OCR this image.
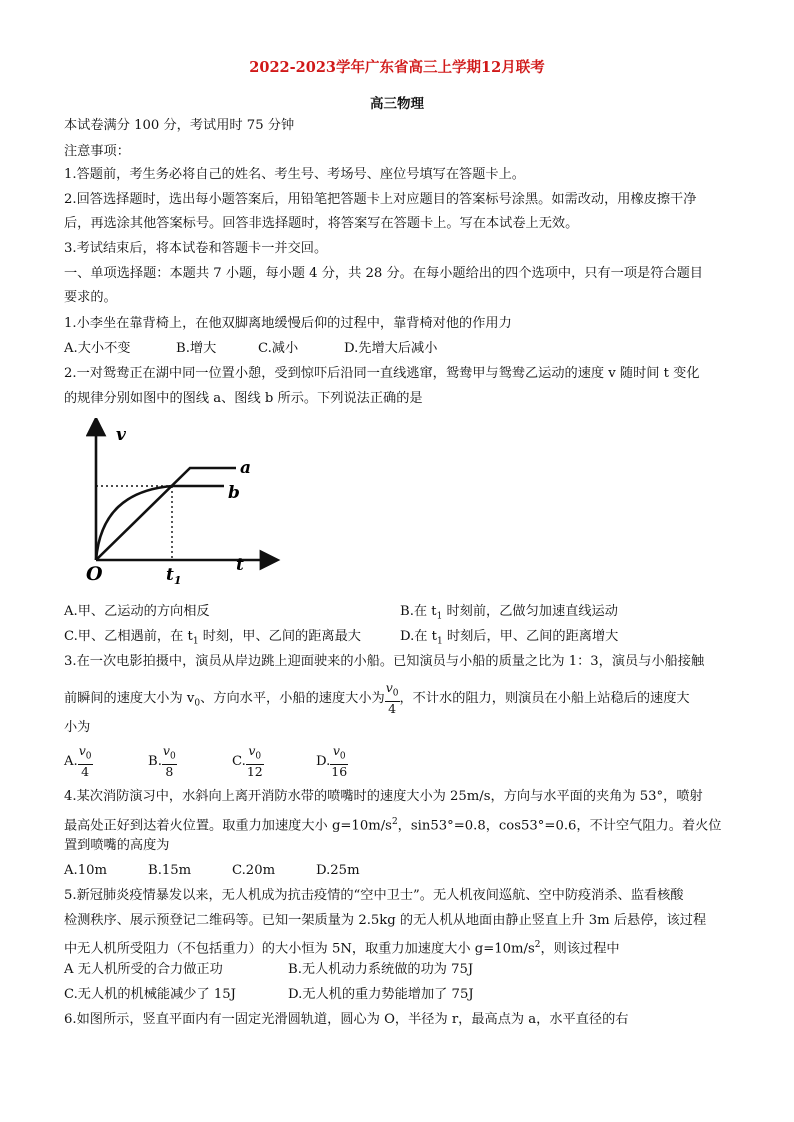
2022-2023学年广东省高三上学期12月联考
高三物理
本试卷满分 100 分，考试用时 75 分钟
注意事项：
1.答题前，考生务必将自己的姓名、考生号、考场号、座位号填写在答题卡上。
2.回答选择题时，选出每小题答案后，用铅笔把答题卡上对应题目的答案标号涂黑。如需改动，用橡皮擦干净
后，再选涂其他答案标号。回答非选择题时，将答案写在答题卡上。写在本试卷上无效。
3.考试结束后，将本试卷和答题卡一并交回。
一、单项选择题：本题共 7 小题，每小题 4 分，共 28 分。在每小题给出的四个选项中，只有一项是符合题目
要求的。
1.小李坐在靠背椅上，在他双脚离地缓慢后仰的过程中，靠背椅对他的作用力
A.大小不变	B.增大	C.减小	D.先增大后减小
2.一对鸳鸯正在湖中同一位置小憩，受到惊吓后沿同一直线逃窜，鸳鸯甲与鸳鸯乙运动的速度 v 随时间 t 变化
的规律分别如图中的图线 a、图线 b 所示。下列说法正确的是
v
t
O	$t_1$
a
b
A.甲、乙运动的方向相反	B.在 $t_1$ 时刻前，乙做匀加速直线运动
C.甲、乙相遇前，在 $t_1$ 时刻，甲、乙间的距离最大	D.在 $t_1$ 时刻后，甲、乙间的距离增大
3.在一次电影拍摄中，演员从岸边跳上迎面驶来的小船。已知演员与小船的质量之比为 1：3，演员与小船接触
前瞬间的速度大小为 $v_0$、方向水平，小船的速度大小为 $\frac{v_0}{4}$ ，不计水的阻力，则演员在小船上站稳后的速度大
小为
A. $\frac{v_0}{4}$	B. $\frac{v_0}{8}$	C. $\frac{v_0}{12}$	D. $\frac{v_0}{16}$
4.某次消防演习中，水斜向上离开消防水带的喷嘴时的速度大小为 25m/s，方向与水平面的夹角为 53°，喷射
最高处正好到达着火位置。取重力加速度大小 $g=10m/s^2$，sin53°=0.8，cos53°=0.6，不计空气阻力。着火位
置到喷嘴的高度为
A.10m	B.15m	C.20m	D.25m
5.新冠肺炎疫情暴发以来，无人机成为抗击疫情的“空中卫士”。无人机夜间巡航、空中防疫消杀、监看核酸
检测秩序、展示预登记二维码等。已知一架质量为 2.5kg 的无人机从地面由静止竖直上升 3m 后悬停，该过程
中无人机所受阻力（不包括重力）的大小恒为 5N，取重力加速度大小 $g=10m/s^2$，则该过程中
A 无人机所受的合力做正功	B.无人机动力系统做的功为 75J
C.无人机的机械能减少了 15J	D.无人机的重力势能增加了 75J
6.如图所示，竖直平面内有一固定光滑圆轨道，圆心为 O，半径为 r，最高点为 a，水平直径的右
